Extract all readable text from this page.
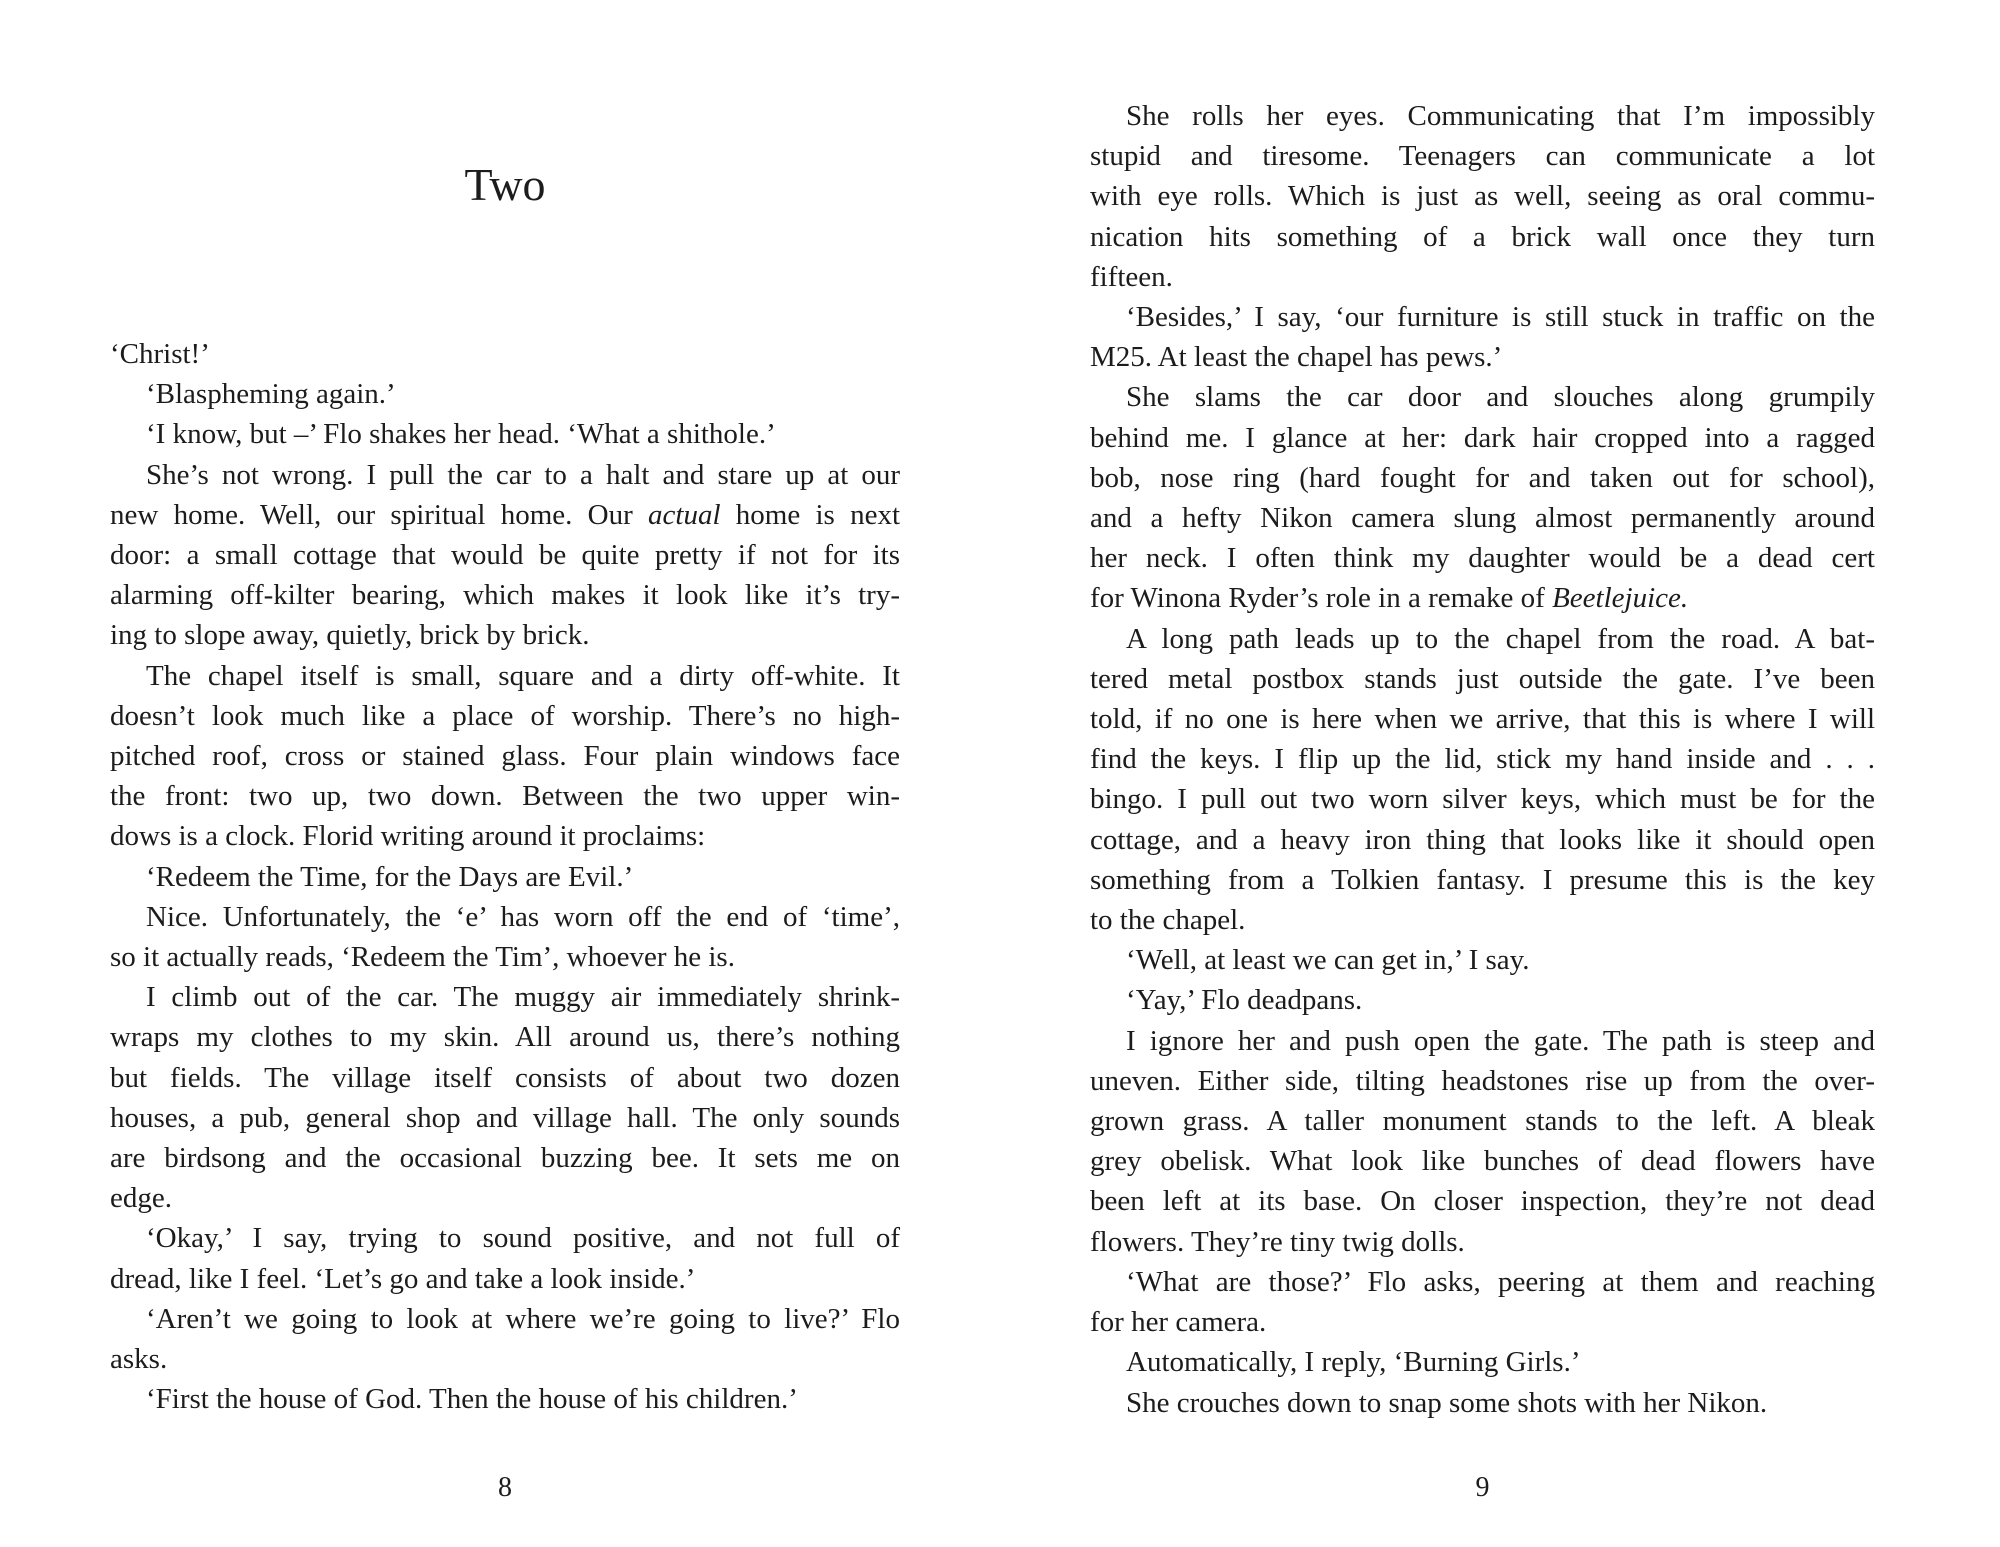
Two

‘Christ!’

‘Blaspheming again.’

‘I know, but –’ Flo shakes her head. ‘What a shithole.’

She’s not wrong. I pull the car to a halt and stare up at our
new home. Well, our spiritual home. Our actual home is next
door: a small cottage that would be quite pretty if not for its
alarming off-kilter bearing, which makes it look like it’s try-
ing to slope away, quietly, brick by brick.

The chapel itself is small, square and a dirty off-white. It
doesn’t look much like a place of worship. There’s no high-
pitched roof, cross or stained glass. Four plain windows face
the front: two up, two down. Between the two upper win-
dows is a clock. Florid writing around it proclaims:

‘Redeem the Time, for the Days are Evil.’

Nice. Unfortunately, the ‘e’ has worn off the end of ‘time’,
so it actually reads, ‘Redeem the Tim’, whoever he is.

I climb out of the car. The muggy air immediately shrink-
wraps my clothes to my skin. All around us, there’s nothing
but fields. The village itself consists of about two dozen
houses, a pub, general shop and village hall. The only sounds
are birdsong and the occasional buzzing bee. It sets me on
edge.

‘Okay,’ I say, trying to sound positive, and not full of
dread, like I feel. ‘Let’s go and take a look inside.’

‘Aren’t we going to look at where we’re going to live?’ Flo
asks.

‘First the house of God. Then the house of his children.’

8

She rolls her eyes. Communicating that I’m impossibly
stupid and tiresome. Teenagers can communicate a lot
with eye rolls. Which is just as well, seeing as oral commu-
nication hits something of a brick wall once they turn
fifteen.

‘Besides,’ I say, ‘our furniture is still stuck in traffic on the
M25. At least the chapel has pews.’

She slams the car door and slouches along grumpily
behind me. I glance at her: dark hair cropped into a ragged
bob, nose ring (hard fought for and taken out for school),
and a hefty Nikon camera slung almost permanently around
her neck. I often think my daughter would be a dead cert
for Winona Ryder’s role in a remake of Beetlejuice.

A long path leads up to the chapel from the road. A bat-
tered metal postbox stands just outside the gate. I’ve been
told, if no one is here when we arrive, that this is where I will
find the keys. I flip up the lid, stick my hand inside and . . .
bingo. I pull out two worn silver keys, which must be for the
cottage, and a heavy iron thing that looks like it should open
something from a Tolkien fantasy. I presume this is the key
to the chapel.

‘Well, at least we can get in,’ I say.

‘Yay,’ Flo deadpans.

I ignore her and push open the gate. The path is steep and
uneven. Either side, tilting headstones rise up from the over-
grown grass. A taller monument stands to the left. A bleak
grey obelisk. What look like bunches of dead flowers have
been left at its base. On closer inspection, they’re not dead
flowers. They’re tiny twig dolls.

‘What are those?’ Flo asks, peering at them and reaching
for her camera.

Automatically, I reply, ‘Burning Girls.’

She crouches down to snap some shots with her Nikon.

9
